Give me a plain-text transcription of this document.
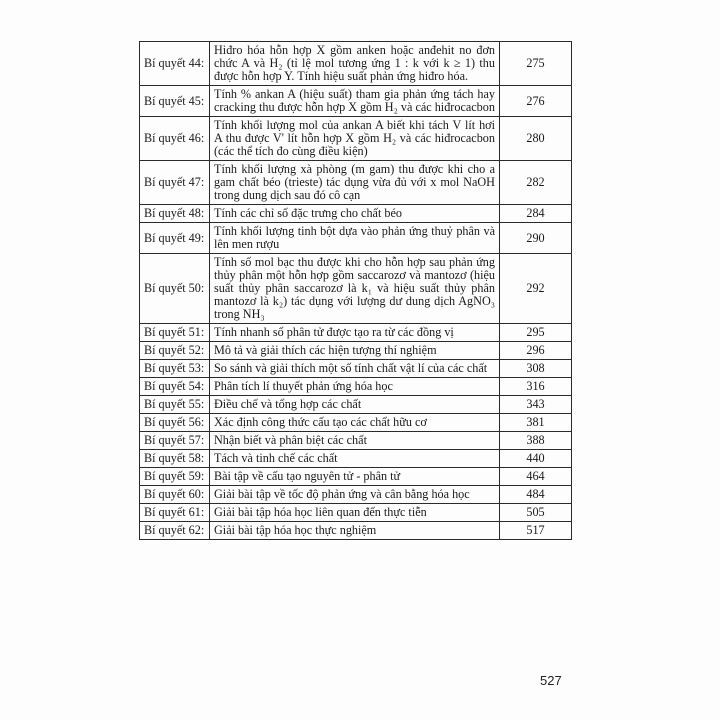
Bí quyết 44:	Hiđro hóa hỗn hợp X gồm anken hoặc anđehit no đơn chức A và H₂ (tỉ lệ mol tương ứng 1 : k với k ≥ 1) thu được hỗn hợp Y. Tính hiệu suất phản ứng hiđro hóa.	275
Bí quyết 45:	Tính % ankan A (hiệu suất) tham gia phản ứng tách hay cracking thu được hỗn hợp X gồm H₂ và các hiđrocacbon	276
Bí quyết 46:	Tính khối lượng mol của ankan A biết khi tách V lít hơi A thu được V' lít hỗn hợp X gồm H₂ và các hiđrocacbon (các thể tích đo cùng điều kiện)	280
Bí quyết 47:	Tính khối lượng xà phòng (m gam) thu được khi cho a gam chất béo (trieste) tác dụng vừa đủ với x mol NaOH trong dung dịch sau đó cô cạn	282
Bí quyết 48:	Tính các chỉ số đặc trưng cho chất béo	284
Bí quyết 49:	Tính khối lượng tinh bột dựa vào phản ứng thuỷ phân và lên men rượu	290
Bí quyết 50:	Tính số mol bạc thu được khi cho hỗn hợp sau phản ứng thủy phân một hỗn hợp gồm saccarozơ và mantozơ (hiệu suất thủy phân saccarozơ là k₁ và hiệu suất thủy phân mantozơ là k₂) tác dụng với lượng dư dung dịch AgNO₃ trong NH₃	292
Bí quyết 51:	Tính nhanh số phân tử được tạo ra từ các đồng vị	295
Bí quyết 52:	Mô tả và giải thích các hiện tượng thí nghiệm	296
Bí quyết 53:	So sánh và giải thích một số tính chất vật lí của các chất	308
Bí quyết 54:	Phân tích lí thuyết phản ứng hóa học	316
Bí quyết 55:	Điều chế và tổng hợp các chất	343
Bí quyết 56:	Xác định công thức cấu tạo các chất hữu cơ	381
Bí quyết 57:	Nhận biết và phân biệt các chất	388
Bí quyết 58:	Tách và tinh chế các chất	440
Bí quyết 59:	Bài tập về cấu tạo nguyên tử - phân tử	464
Bí quyết 60:	Giải bài tập về tốc độ phản ứng và cân bằng hóa học	484
Bí quyết 61:	Giải bài tập hóa học liên quan đến thực tiễn	505
Bí quyết 62:	Giải bài tập hóa học thực nghiệm	517
527
